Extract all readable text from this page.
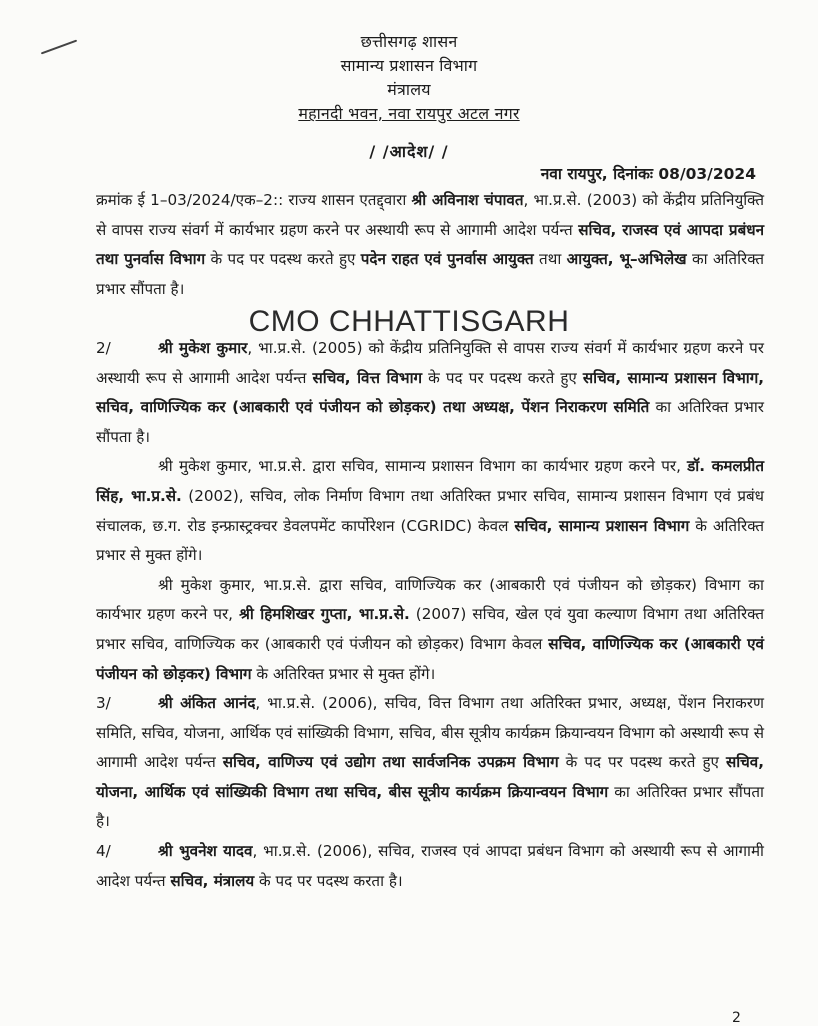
छत्तीसगढ़ शासन
सामान्य प्रशासन विभाग
मंत्रालय
महानदी भवन, नवा रायपुर अटल नगर
/ /आदेश/ /
नवा रायपुर, दिनांकः 08/03/2024
CMO CHHATTISGARH

क्रमांक ई 1–03/2024/एक–2:: राज्य शासन एतद्द्वारा श्री अविनाश चंपावत, भा.प्र.से. (2003) को केंद्रीय प्रतिनियुक्ति से वापस राज्य संवर्ग में कार्यभार ग्रहण करने पर अस्थायी रूप से आगामी आदेश पर्यन्त सचिव, राजस्व एवं आपदा प्रबंधन तथा पुनर्वास विभाग के पद पर पदस्थ करते हुए पदेन राहत एवं पुनर्वास आयुक्त तथा आयुक्त, भू–अभिलेख का अतिरिक्त प्रभार सौंपता है।

2/	श्री मुकेश कुमार, भा.प्र.से. (2005) को केंद्रीय प्रतिनियुक्ति से वापस राज्य संवर्ग में कार्यभार ग्रहण करने पर अस्थायी रूप से आगामी आदेश पर्यन्त सचिव, वित्त विभाग के पद पर पदस्थ करते हुए सचिव, सामान्य प्रशासन विभाग, सचिव, वाणिज्यिक कर (आबकारी एवं पंजीयन को छोड़कर) तथा अध्यक्ष, पेंशन निराकरण समिति का अतिरिक्त प्रभार सौंपता है।

श्री मुकेश कुमार, भा.प्र.से. द्वारा सचिव, सामान्य प्रशासन विभाग का कार्यभार ग्रहण करने पर, डॉ. कमलप्रीत सिंह, भा.प्र.से. (2002), सचिव, लोक निर्माण विभाग तथा अतिरिक्त प्रभार सचिव, सामान्य प्रशासन विभाग एवं प्रबंध संचालक, छ.ग. रोड इन्फ्रास्ट्रक्चर डेवलपमेंट कार्पोरेशन (CGRIDC) केवल सचिव, सामान्य प्रशासन विभाग के अतिरिक्त प्रभार से मुक्त होंगे।

श्री मुकेश कुमार, भा.प्र.से. द्वारा सचिव, वाणिज्यिक कर (आबकारी एवं पंजीयन को छोड़कर) विभाग का कार्यभार ग्रहण करने पर, श्री हिमशिखर गुप्ता, भा.प्र.से. (2007) सचिव, खेल एवं युवा कल्याण विभाग तथा अतिरिक्त प्रभार सचिव, वाणिज्यिक कर (आबकारी एवं पंजीयन को छोड़कर) विभाग केवल सचिव, वाणिज्यिक कर (आबकारी एवं पंजीयन को छोड़कर) विभाग के अतिरिक्त प्रभार से मुक्त होंगे।

3/	श्री अंकित आनंद, भा.प्र.से. (2006), सचिव, वित्त विभाग तथा अतिरिक्त प्रभार, अध्यक्ष, पेंशन निराकरण समिति, सचिव, योजना, आर्थिक एवं सांख्यिकी विभाग, सचिव, बीस सूत्रीय कार्यक्रम क्रियान्वयन विभाग को अस्थायी रूप से आगामी आदेश पर्यन्त सचिव, वाणिज्य एवं उद्योग तथा सार्वजनिक उपक्रम विभाग के पद पर पदस्थ करते हुए सचिव, योजना, आर्थिक एवं सांख्यिकी विभाग तथा सचिव, बीस सूत्रीय कार्यक्रम क्रियान्वयन विभाग का अतिरिक्त प्रभार सौंपता है।

4/	श्री भुवनेश यादव, भा.प्र.से. (2006), सचिव, राजस्व एवं आपदा प्रबंधन विभाग को अस्थायी रूप से आगामी आदेश पर्यन्त सचिव, मंत्रालय के पद पर पदस्थ करता है।

2
